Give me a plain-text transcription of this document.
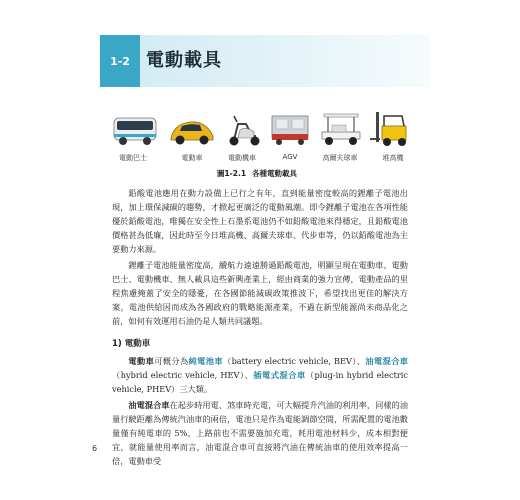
1-2 電動載具
電動巴士	電動車	電動機車	AGV	高爾夫球車	堆高機
圖1-2.1 各種電動載具

鉛酸電池應用在動力設備上已行之有年，直到能量密度較高的鋰離子電池出現，加上環保減碳的趨勢，才掀起更廣泛的電動風潮。即令鋰離子電池在各項性能優於鉛酸電池，唯獨在安全性上石墨系電池仍不如鉛酸電池來得穩定，且鉛酸電池價格甚為低廉，因此時至今日堆高機、高爾夫球車、代步車等，仍以鉛酸電池為主要動力來源。

鋰離子電池能量密度高，續航力遠遠勝過鉛酸電池，明顯呈現在電動車、電動巴士、電動機車、無人載具這些新興產業上，經由商業的強力宣傳，電動產品的里程焦慮掩蓋了安全的隱憂，在各國節能減碳政策推波下，希望找出更佳的解決方案，電池供給因而成為各國政府的戰略能源產業，不過在新型能源尚未商品化之前，如何有效運用石油仍是人類共同議題。

1) 電動車

電動車可概分為純電池車（battery electric vehicle, BEV）、油電混合車（hybrid electric vehicle, HEV）、插電式混合車（plug-in hybrid electric vehicle, PHEV）三大類。

油電混合車在起步時用電、煞車時充電，可大幅提升汽油的利用率，同樣的油量行駛距離為傳統汽油車的兩倍，電池只是作為電能調節空間，所需配置的電池數量僅有純電車的 5%，上路前也不需要施加充電，耗用電池材料少，成本相對便宜，就能量使用率而言，油電混合車可直接將汽油在傳統油車的使用效率提高一倍，電動車受

6
